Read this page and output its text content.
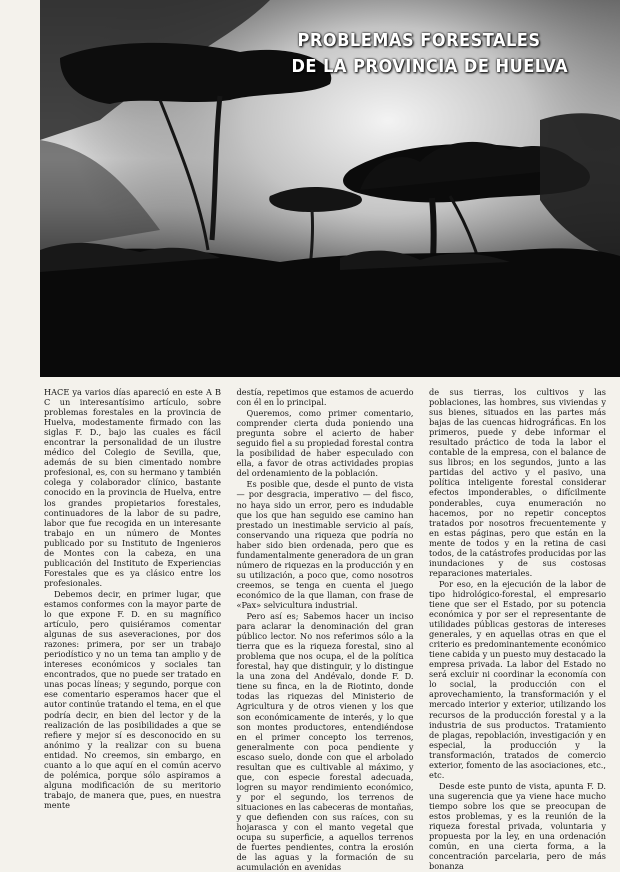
PROBLEMAS FORESTALES
DE LA PROVINCIA DE HUELVA

HACE ya varios días apareció en este A B C un interesantísimo artículo, sobre problemas forestales en la provincia de Huelva, modestamente firmado con las siglas F. D., bajo las cuales es fácil encontrar la personalidad de un ilustre médico del Colegio de Sevilla, que, además de su bien cimentado nombre profesional, es, con su hermano y también colega y colaborador clínico, bastante conocido en la provincia de Huelva, entre los grandes propietarios forestales, continuadores de la labor de su padre, labor que fue recogida en un interesante trabajo en un número de Montes publicado por su Instituto de Ingenieros de Montes con la cabeza, en una publicación del Instituto de Experiencias Forestales que es ya clásico entre los profesionales.

Debemos decir, en primer lugar, que estamos conformes con la mayor parte de lo que expone F. D. en su magnífico artículo, pero quisiéramos comentar algunas de sus aseveraciones, por dos razones: primera, por ser un trabajo periodístico y no un tema tan amplio y de intereses económicos y sociales tan encontrados, que no puede ser tratado en unas pocas líneas; y segundo, porque con ese comentario esperamos hacer que el autor continúe tratando el tema, en el que podría decir, en bien del lector y de la realización de las posibilidades a que se refiere y mejor sí es desconocido en su anónimo y la realizar con su buena entidad. No creemos, sin embargo, en cuanto a lo que aquí en el común acervo de polémica, porque sólo aspiramos a alguna modificación de su meritorio trabajo, de manera que, pues, en nuestra mente

destía, repetimos que estamos de acuerdo con él en lo principal.

Queremos, como primer comentario, comprender cierta duda poniendo una pregunta sobre el acierto de haber seguido fiel a su propiedad forestal contra la posibilidad de haber especulado con ella, a favor de otras actividades propias del ordenamiento de la población.

Es posible que, desde el punto de vista — por desgracia, imperativo — del fisco, no haya sido un error, pero es indudable que los que han seguido ese camino han prestado un inestimable servicio al país, conservando una riqueza que podría no haber sido bien ordenada, pero que es fundamentalmente generadora de un gran número de riquezas en la producción y en su utilización, a poco que, como nosotros creemos, se tenga en cuenta el juego económico de la que llaman, con frase de «Pax» selvicultura industrial.

Pero así es; Sabemos hacer un inciso para aclarar la denominación del gran público lector. No nos referimos sólo a la tierra que es la riqueza forestal, sino al problema que nos ocupa, el de la política forestal, hay que distinguir, y lo distingue la una zona del Andévalo, donde F. D. tiene su finca, en la de Riotinto, donde todas las riquezas del Ministerio de Agricultura y de otros vienen y los que son económicamente de interés, y lo que son montes productores, entendiéndose en el primer concepto los terrenos, generalmente con poca pendiente y escaso suelo, donde con que el arbolado resultan que es cultivable al máximo, y que, con especie forestal adecuada, logren su mayor rendimiento económico, y por el segundo, los terrenos de situaciones en las cabeceras de montañas, y que defienden con sus raíces, con su hojarasca y con el manto vegetal que ocupa su superficie, a aquellos terrenos de fuertes pendientes, contra la erosión de las aguas y la formación de su acumulación en avenidas

de sus tierras, los cultivos y las poblaciones, las hombres, sus viviendas y sus bienes, situados en las partes más bajas de las cuencas hidrográficas. En los primeros, puede y debe informar el resultado práctico de toda la labor el contable de la empresa, con el balance de sus libros; en los segundos, junto a las partidas del activo y el pasivo, una política inteligente forestal considerar efectos imponderables, o difícilmente ponderables, cuya enumeración no hacemos, por no repetir conceptos tratados por nosotros frecuentemente y en estas páginas, pero que están en la mente de todos y en la retina de casi todos, de la catástrofes producidas por las inundaciones y de sus costosas reparaciones materiales.

Por eso, en la ejecución de la labor de tipo hidrológico-forestal, el empresario tiene que ser el Estado, por su potencia económica y por ser el representante de utilidades públicas gestoras de intereses generales, y en aquellas otras en que el criterio es predominantemente económico tiene cabida y un puesto muy destacado la empresa privada. La labor del Estado no será excluir ni coordinar la economía con lo social, la producción con el aprovechamiento, la transformación y el mercado interior y exterior, utilizando los recursos de la producción forestal y a la industria de sus productos. Tratamiento de plagas, repoblación, investigación y en especial, la producción y la transformación, tratados de comercio exterior, fomento de las asociaciones, etc., etc.

Desde este punto de vista, apunta F. D. una sugerencia que ya viene hace mucho tiempo sobre los que se preocupan de estos problemas, y es la reunión de la riqueza forestal privada, voluntaria y propuesta por la ley, en una ordenación común, en una cierta forma, a la concentración parcelaria, pero de más bonanza
